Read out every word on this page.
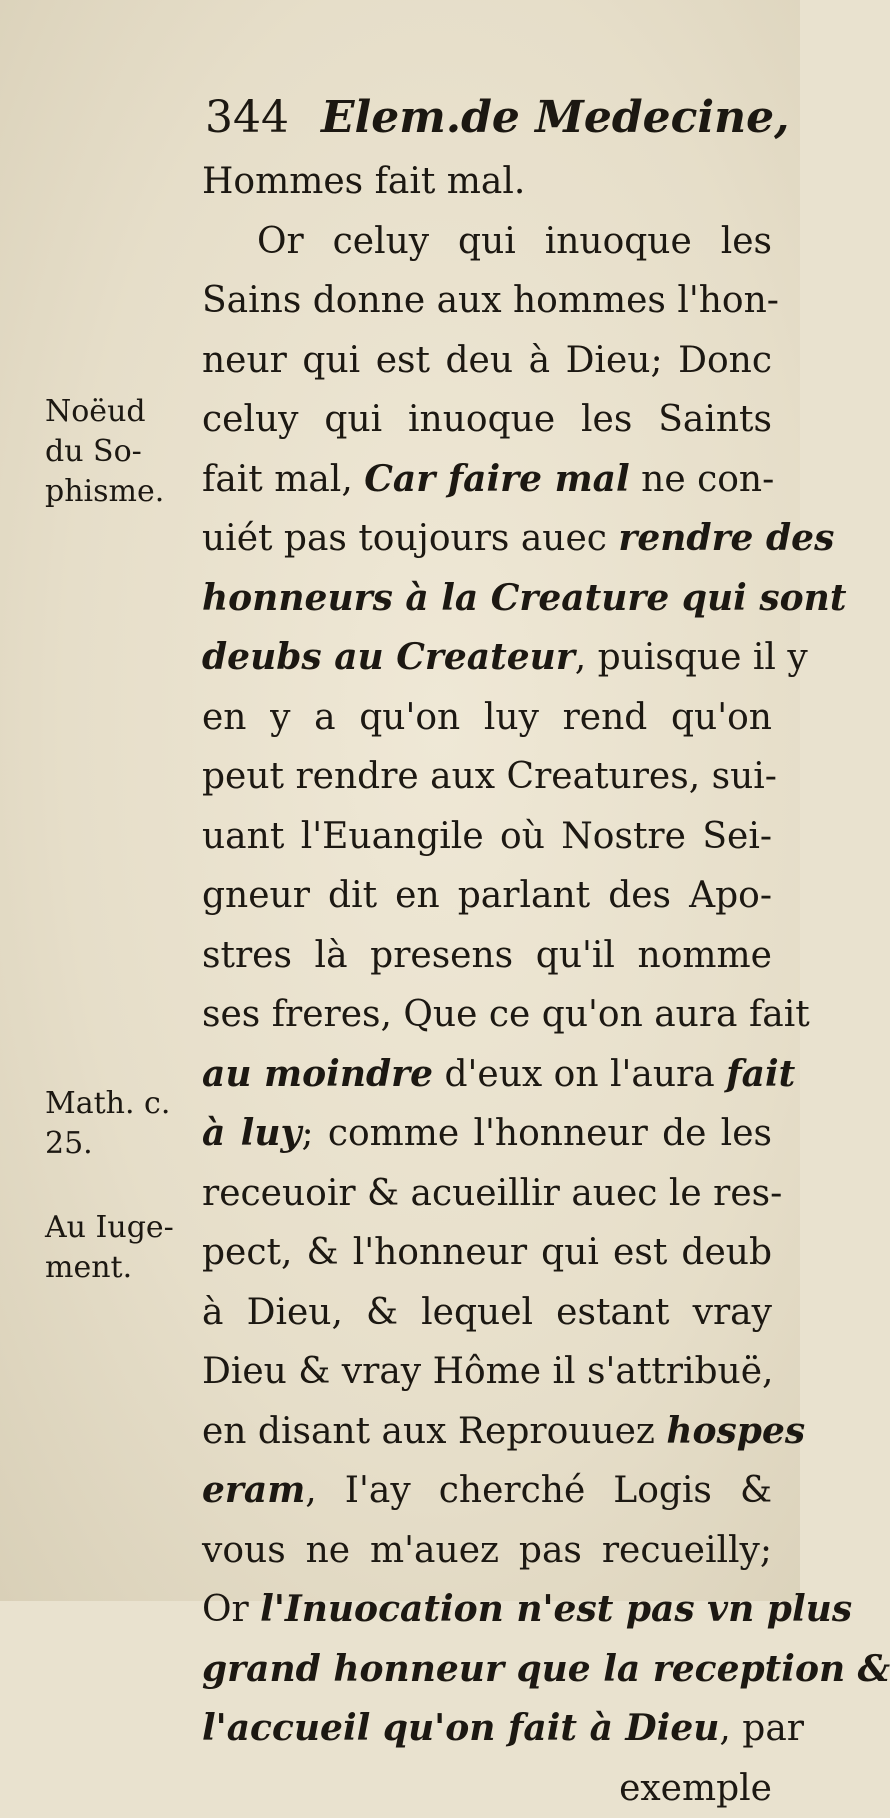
344 Elem.de Medecine,
Hommes fait mal.
Or celuy qui inuoque les
Sains donne aux hommes l'hon-
neur qui est deu à Dieu; Donc
celuy qui inuoque les Saints
fait mal, Car faire mal ne con-
uiét pas toujours auec rendre des
honneurs à la Creature qui sont
deubs au Createur, puisque il y
en y a qu'on luy rend qu'on
peut rendre aux Creatures, sui-
uant l'Euangile où Nostre Sei-
gneur dit en parlant des Apo-
stres là presens qu'il nomme
ses freres, Que ce qu'on aura fait
au moindre d'eux on l'aura fait
à luy; comme l'honneur de les
receuoir & acueillir auec le res-
pect, & l'honneur qui est deub
à Dieu, & lequel estant vray
Dieu & vray Hôme il s'attribuë,
en disant aux Reprouuez hospes
eram, I'ay cherché Logis &
vous ne m'auez pas recueilly;
Or l'Inuocation n'est pas vn plus
grand honneur que la reception &
l'accueil qu'on fait à Dieu, par
exemple
Noëud
du So-
phisme.
Math. c.
25.
Au Iuge-
ment.
